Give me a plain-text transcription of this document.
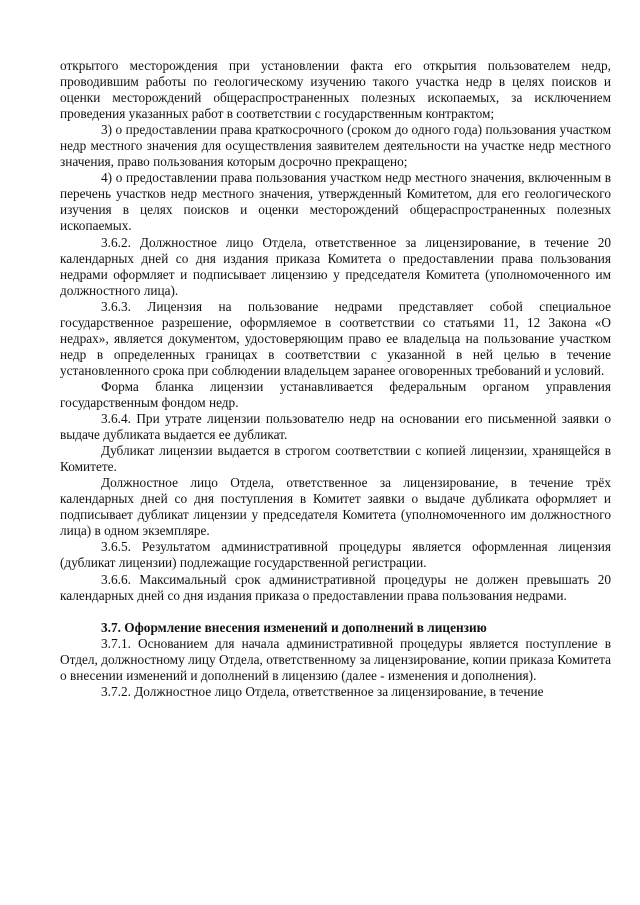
открытого месторождения при установлении факта его открытия пользователем недр, проводившим работы по геологическому изучению такого участка недр в целях поисков и оценки месторождений общераспространенных полезных ископаемых, за исключением проведения указанных работ в соответствии с государственным контрактом;

3) о предоставлении права краткосрочного (сроком до одного года) пользования участком недр местного значения для осуществления заявителем деятельности на участке недр местного значения, право пользования которым досрочно прекращено;

4) о предоставлении права пользования участком недр местного значения, включенным в перечень участков недр местного значения, утвержденный Комитетом, для его геологического изучения в целях поисков и оценки месторождений общераспространенных полезных ископаемых.

3.6.2. Должностное лицо Отдела, ответственное за лицензирование, в течение 20 календарных дней со дня издания приказа Комитета о предоставлении права пользования недрами оформляет и подписывает лицензию у председателя Комитета (уполномоченного им должностного лица).

3.6.3. Лицензия на пользование недрами представляет собой специальное государственное разрешение, оформляемое в соответствии со статьями 11, 12 Закона «О недрах», является документом, удостоверяющим право ее владельца на пользование участком недр в определенных границах в соответствии с указанной в ней целью в течение установленного срока при соблюдении владельцем заранее оговоренных требований и условий.

Форма бланка лицензии устанавливается федеральным органом управления государственным фондом недр.

3.6.4. При утрате лицензии пользователю недр на основании его письменной заявки о выдаче дубликата выдается ее дубликат.

Дубликат лицензии выдается в строгом соответствии с копией лицензии, хранящейся в Комитете.

Должностное лицо Отдела, ответственное за лицензирование, в течение трёх календарных дней со дня поступления в Комитет заявки о выдаче дубликата оформляет и подписывает дубликат лицензии у председателя Комитета (уполномоченного им должностного лица) в одном экземпляре.

3.6.5. Результатом административной процедуры является оформленная лицензия (дубликат лицензии) подлежащие государственной регистрации.

3.6.6. Максимальный срок административной процедуры не должен превышать 20 календарных дней со дня издания приказа о предоставлении права пользования недрами.

3.7. Оформление внесения изменений и дополнений в лицензию

3.7.1. Основанием для начала административной процедуры является поступление в Отдел, должностному лицу Отдела, ответственному за лицензирование, копии приказа Комитета о внесении изменений и дополнений в лицензию (далее - изменения и дополнения).

3.7.2. Должностное лицо Отдела, ответственное за лицензирование, в течение
